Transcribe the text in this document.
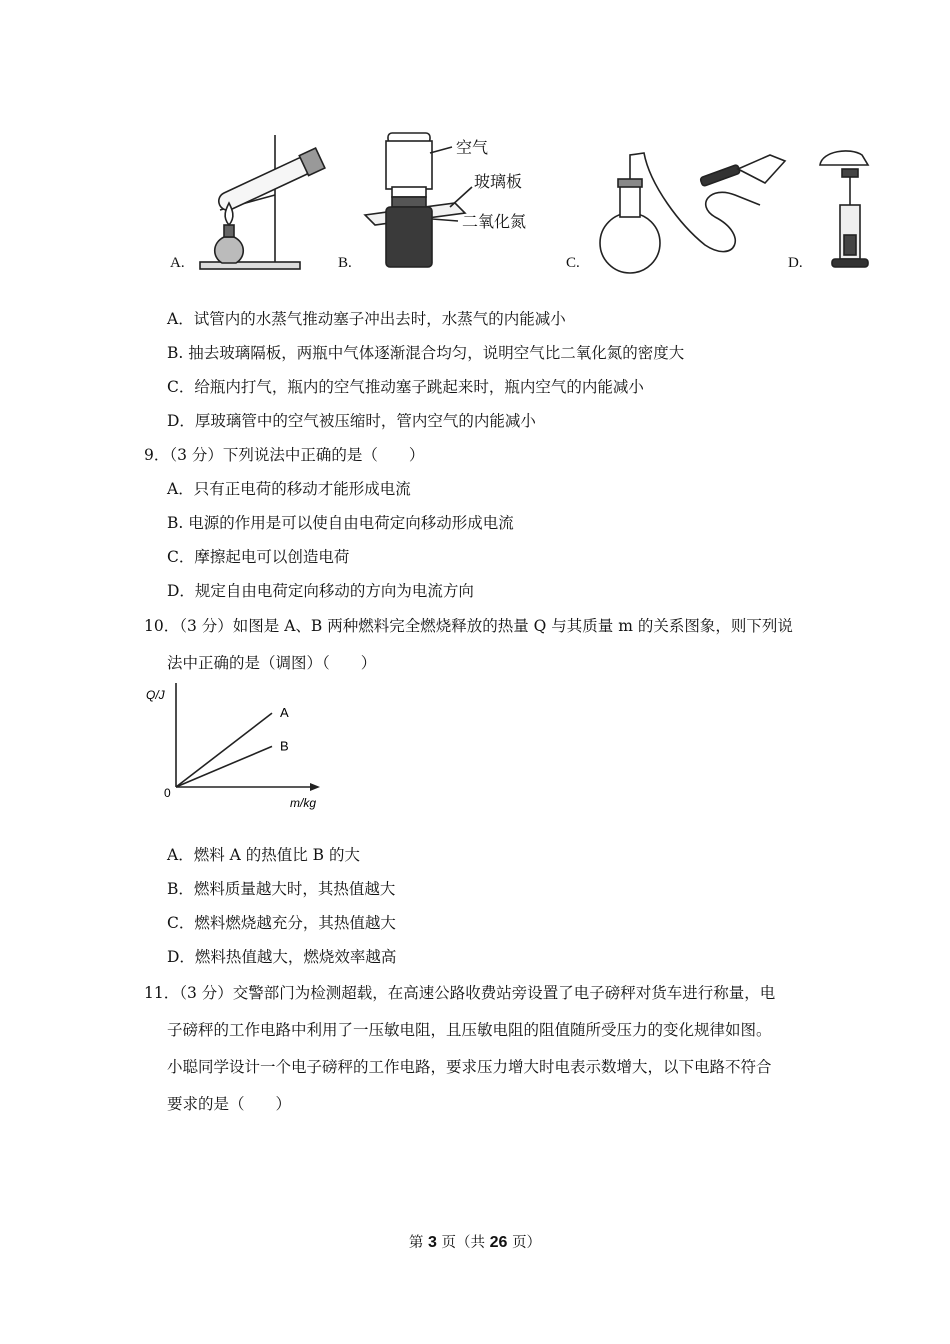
A.	B.	C.	D.
空气
玻璃板
二氧化氮
A．试管内的水蒸气推动塞子冲出去时，水蒸气的内能减小
B. 抽去玻璃隔板，两瓶中气体逐渐混合均匀，说明空气比二氧化氮的密度大
C．给瓶内打气，瓶内的空气推动塞子跳起来时，瓶内空气的内能减小
D．厚玻璃管中的空气被压缩时，管内空气的内能减小
9．（3 分）下列说法中正确的是（　　）
A．只有正电荷的移动才能形成电流
B. 电源的作用是可以使自由电荷定向移动形成电流
C．摩擦起电可以创造电荷
D．规定自由电荷定向移动的方向为电流方向
10．（3 分）如图是 A、B 两种燃料完全燃烧释放的热量 Q 与其质量 m 的关系图象，则下列说
法中正确的是（调图）（　　）
Q/J
m/kg
0
A
B
A．燃料 A 的热值比 B 的大
B．燃料质量越大时，其热值越大
C．燃料燃烧越充分，其热值越大
D．燃料热值越大，燃烧效率越高
11．（3 分）交警部门为检测超载，在高速公路收费站旁设置了电子磅秤对货车进行称量，电
子磅秤的工作电路中利用了一压敏电阻，且压敏电阻的阻值随所受压力的变化规律如图。
小聪同学设计一个电子磅秤的工作电路，要求压力增大时电表示数增大，以下电路不符合
要求的是（　　）
第 3 页（共 26 页）
